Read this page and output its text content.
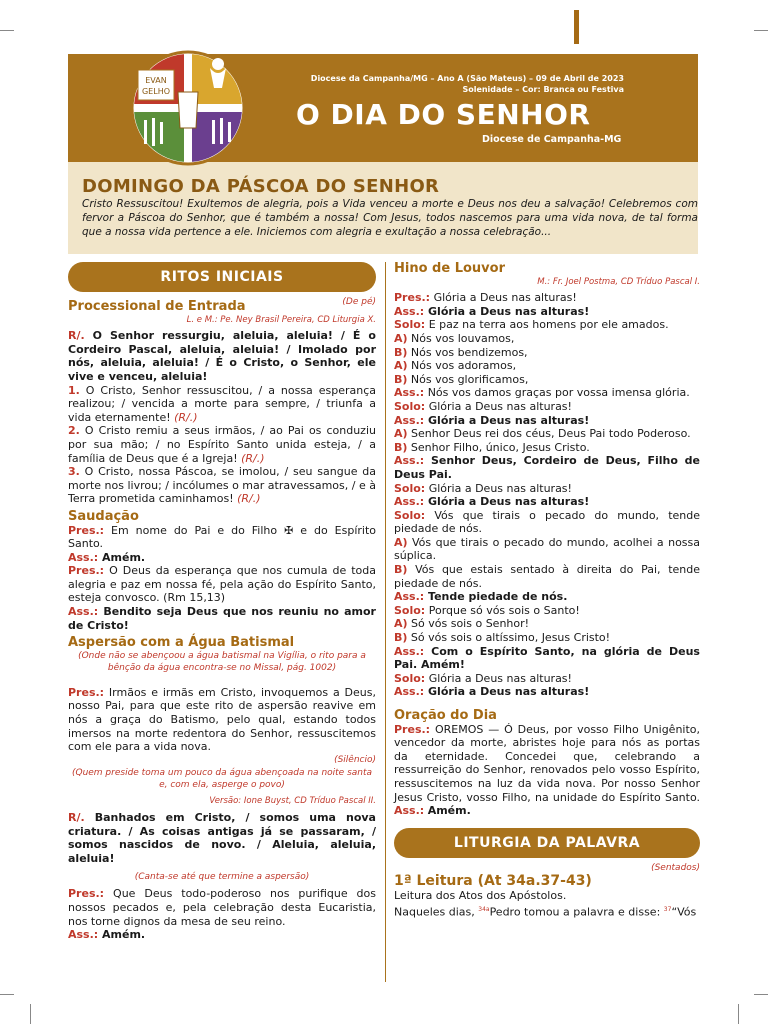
EVAN
GELHO
Diocese da Campanha/MG – Ano A (São Mateus) – 09 de Abril de 2023
Solenidade – Cor: Branca ou Festiva
O DIA DO SENHOR
Diocese de Campanha-MG
DOMINGO DA PÁSCOA DO SENHOR
Cristo Ressuscitou! Exultemos de alegria, pois a Vida venceu a morte e Deus nos deu a salvação! Celebremos com fervor a Páscoa do Senhor, que é também a nossa! Com Jesus, todos nascemos para uma vida nova, de tal forma que a nossa vida pertence a ele. Iniciemos com alegria e exultação a nossa celebração...
RITOS INICIAIS
Processional de Entrada	(De pé)
L. e M.: Pe. Ney Brasil Pereira, CD Liturgia X.

R/. O Senhor ressurgiu, aleluia, aleluia! / É o Cordeiro Pascal, aleluia, aleluia! / Imolado por nós, aleluia, aleluia! / É o Cristo, o Senhor, ele vive e venceu, aleluia!

1. O Cristo, Senhor ressuscitou, / a nossa esperança realizou; / vencida a morte para sempre, / triunfa a vida eternamente! (R/.)

2. O Cristo remiu a seus irmãos, / ao Pai os conduziu por sua mão; / no Espírito Santo unida esteja, / a família de Deus que é a Igreja! (R/.)

3. O Cristo, nossa Páscoa, se imolou, / seu sangue da morte nos livrou; / incólumes o mar atravessamos, / e à Terra prometida caminhamos! (R/.)

Saudação

Pres.: Em nome do Pai e do Filho ✠ e do Espírito Santo.

Ass.: Amém.

Pres.: O Deus da esperança que nos cumula de toda alegria e paz em nossa fé, pela ação do Espírito Santo, esteja convosco. (Rm 15,13)

Ass.: Bendito seja Deus que nos reuniu no amor de Cristo!

Aspersão com a Água Batismal
(Onde não se abençoou a água batismal na Vigília, o rito para a bênção da água encontra-se no Missal, pág. 1002)

Pres.: Irmãos e irmãs em Cristo, invoquemos a Deus, nosso Pai, para que este rito de aspersão reavive em nós a graça do Batismo, pelo qual, estando todos imersos na morte redentora do Senhor, ressuscitemos com ele para a vida nova.

(Silêncio)
(Quem preside toma um pouco da água abençoada na noite santa e, com ela, asperge o povo)
Versão: Ione Buyst, CD Tríduo Pascal II.

R/. Banhados em Cristo, / somos uma nova criatura. / As coisas antigas já se passaram, / somos nascidos de novo. / Aleluia, aleluia, aleluia!

(Canta-se até que termine a aspersão)

Pres.: Que Deus todo-poderoso nos purifique dos nossos pecados e, pela celebração desta Eucaristia, nos torne dignos da mesa de seu reino.

Ass.: Amém.

Hino de Louvor
M.: Fr. Joel Postma, CD Tríduo Pascal I.

Pres.: Glória a Deus nas alturas!

Ass.: Glória a Deus nas alturas!

Solo: E paz na terra aos homens por ele amados.

A) Nós vos louvamos,

B) Nós vos bendizemos,

A) Nós vos adoramos,

B) Nós vos glorificamos,

Ass.: Nós vos damos graças por vossa imensa glória.

Solo: Glória a Deus nas alturas!

Ass.: Glória a Deus nas alturas!

A) Senhor Deus rei dos céus, Deus Pai todo Poderoso.

B) Senhor Filho, único, Jesus Cristo.

Ass.: Senhor Deus, Cordeiro de Deus, Filho de Deus Pai.

Solo: Glória a Deus nas alturas!

Ass.: Glória a Deus nas alturas!

Solo: Vós que tirais o pecado do mundo, tende piedade de nós.

A) Vós que tirais o pecado do mundo, acolhei a nossa súplica.

B) Vós que estais sentado à direita do Pai, tende piedade de nós.

Ass.: Tende piedade de nós.

Solo: Porque só vós sois o Santo!

A) Só vós sois o Senhor!

B) Só vós sois o altíssimo, Jesus Cristo!

Ass.: Com o Espírito Santo, na glória de Deus Pai. Amém!

Solo: Glória a Deus nas alturas!

Ass.: Glória a Deus nas alturas!

Oração do Dia

Pres.: OREMOS — Ó Deus, por vosso Filho Unigênito, vencedor da morte, abristes hoje para nós as portas da eternidade. Concedei que, celebrando a ressurreição do Senhor, renovados pelo vosso Espírito, ressuscitemos na luz da vida nova. Por nosso Senhor Jesus Cristo, vosso Filho, na unidade do Espírito Santo. Ass.: Amém.

LITURGIA DA PALAVRA
(Sentados)
1ª Leitura (At 34a.37-43)
Leitura dos Atos dos Apóstolos.
Naqueles dias, $^{34a}$Pedro tomou a palavra e disse: $^{37}$“Vós
